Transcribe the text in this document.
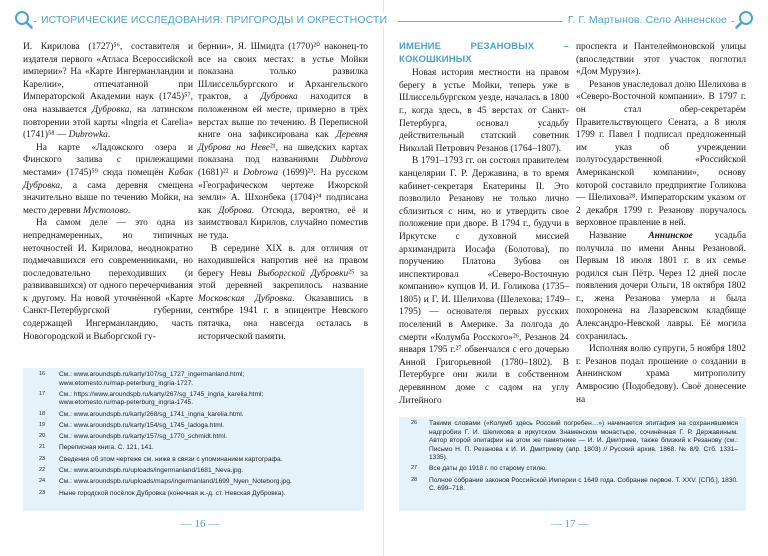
ИСТОРИЧЕСКИЕ ИССЛЕДОВАНИЯ: ПРИГОРОДЫ И ОКРЕСТНОСТИ

И. Кирилова (1727)⁵⁶, составителя и издателя первого «Атласа Всероссийской империи»? На «Карте Ингерманландии и Карелии», отпечатанной при Императорской Академии наук (1745)⁵⁷, она называется Дубровка, на латинском повторении этой карты «Ingria et Carelia» (1741)⁵⁸ — Dubrowka.

На карте «Ладожского озера и Финского залива с прилежащими местами» (1745)⁵⁹ сюда помещён Кабак Дубровка, а сама деревня смещена значительно выше по течению Мойки, на место деревни Мустолово.

На самом деле — это одна из непреднамеренных, но типичных неточностей И. Кирилова, неоднократно подмечавшихся его современниками, но последовательно переходивших (и развивавшихся) от одного перечерчивания к другому. На новой уточнённой «Карте Санкт-Петербургской губернии, содержащей Ингерманландию, часть Новогородской и Выборгской гу-

бернии», Я. Шмидта (1770)²⁰ наконец-то все на своих местах: в устье Мойки показана только развилка Шлиссельбургского и Архангельского трактов, а Дубровка находится в положенном ей месте, примерно в трёх верстах выше по течению. В Переписной книге она зафиксирована как Деревня Дуброва на Неве²¹, на шведских картах показана под названиями Dubbrova (1681)²² и Dobrowa (1699)²³. На русском «Географическом чертеже Ижорской земли» А. Шхонбека (1704)²⁴ подписана как Доброва. Отсюда, вероятно, её и заимствовал Кирилов, случайно поместив не туда.

В середине XIX в. для отличия от находившейся напротив неё на правом берегу Невы Выборгской Дубровки²⁵ за этой деревней закрепилось название Московская Дубровка. Оказавшись в сентябре 1941 г. в эпицентре Невского пятачка, она навсегда осталась в исторической памяти.

16 См.: www.aroundspb.ru/karty/107/sg_1727_ingermanland.html;
www.etomesto.ru/map-peterburg_ingria-1727.
17 См.: https://www.aroundspb.ru/karty/267/sg_1745_ingria_karelia.html;
www.etomesto.ru/map-peterburg_ingria-1745.
18 См.: www.aroundspb.ru/karty/268/sg_1741_ingria_karelia.html.
19 См.: www.aroundspb.ru/karty/154/sg_1745_ladoga.html.
20 См.: www.aroundspb.ru/karty/157/sg_1770_schmidt.html.
21 Переписная книга. С. 121, 141.
23 Сведения об этом чертеже см. ниже в связи с упоминанием картографа.
22 См.: www.aroundspb.ru/uploads/ingermanland/1681_Neva.jpg.
24 См.: www.aroundspb.ru/uploads/maps/ingermanland/1699_Nyen_Noteborg.jpg.
23 Ныне городской посёлок Дубровка (конечная ж.-д. ст. Невская Дубровка).
— 16 —
Г. Г. Мартынов. Село Анненское
ИМЕНИЕ РЕЗАНОВЫХ – КОКОШКИНЫХ

Новая история местности на правом берегу в устье Мойки, теперь уже в Шлиссельбургском уезде, началась в 1800 г., когда здесь, в 45 верстах от Санкт-Петербурга, основал усадьбу действительный статский советник Николай Петрович Резанов (1764–1807).

В 1791–1793 гг. он состоял правителем канцелярии Г. Р. Державина, в то время кабинет-секретаря Екатерины II. Это позволило Резанову не только лично сблизиться с ним, но и утвердить свое положение при дворе. В 1794 г., будучи в Иркутске с духовной миссией архимандрита Иосафа (Болотова), по поручению Платона Зубова он инспектировал «Северо-Восточную компанию» купцов И. И. Голикова (1735–1805) и Г. И. Шелихова (Шелехова; 1749–1795) — основателя первых русских поселений в Америке. За полгода до смерти «Колумба Росского»²⁶, Резанов 24 января 1795 г.²⁷ обвенчался с его дочерью Анной Григорьевной (1780–1802). В Петербурге они жили в собственном деревянном доме с садом на углу Литейного

проспекта и Пантелеймоновской улицы (впоследствии этот участок поглотил «Дом Мурузи»).

Резанов унаследовал долю Шелихова в «Северо-Восточной компании». В 1797 г. он стал обер-секретарём Правительствующего Сената, а 8 июля 1799 г. Павел I подписал предложенный им указ об учреждении полугосударственной «Российской Американской компании», основу которой составило предприятие Голикова — Шелихова²⁸. Императорским указом от 2 декабря 1799 г. Резанову поручалось верховное правление в ней.

Название Аннинское усадьба получила по имени Анны Резановой. Первым 18 июля 1801 г. в их семье родился сын Пётр. Через 12 дней после появления дочери Ольги, 18 октября 1802 г., жена Резанова умерла и была похоронена на Лазаревском кладбище Александро-Невской лавры. Её могила сохранилась.

Исполняя волю супруги, 5 ноября 1802 г. Резанов подал прошение о создании в Аннинском храма митрополиту Амвросию (Подобедову). Своё донесение на

26 Такими словами («Колумб здесь Росский погребен…») начинается эпитафия на сохранившемся надгробии Г. И. Шелихова в иркутском Знаменском монастыре, сочинённая Г. Р. Державиным. Автор второй эпитафии на этом же памятнике — И. И. Дмитриев, также близкий к Резанову (см.: Письмо Н. П. Резанова к И. И. Дмитриеву (апр. 1803) // Русский архив. 1868. № 8/9. Стб. 1331–1335).
27 Все даты до 1918 г. по старому стилю.
28 Полное собрание законов Российской Империи с 1649 года. Собрание первое. Т. XXV. [СПб.], 1830. С. 699–718.
— 17 —
